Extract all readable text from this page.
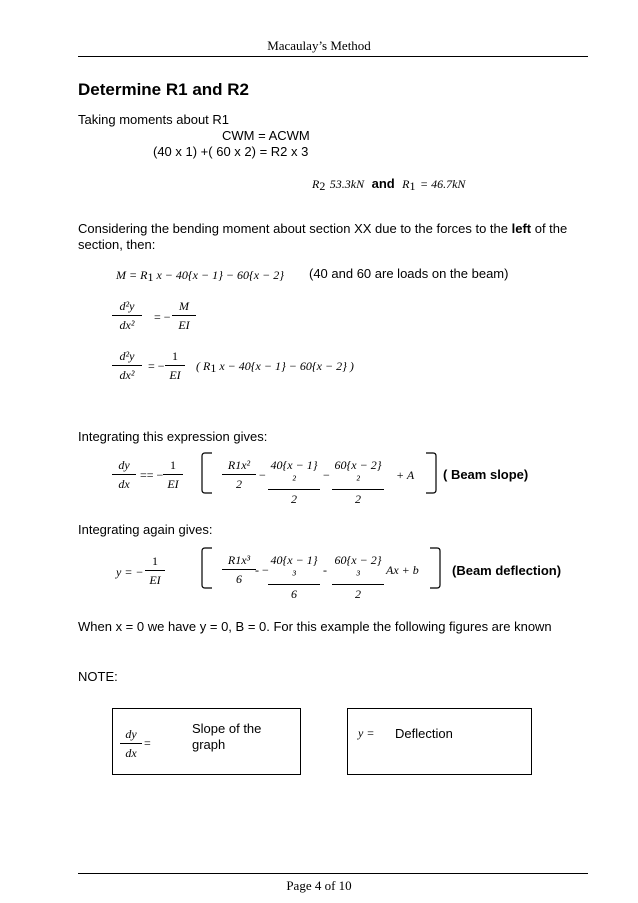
Macaulay’s Method
Determine R1 and R2
Taking moments about R1
CWM = ACWM
(40 x 1) +( 60 x 2) = R2 x 3
$R_2$ 53.3kN and $R_1 = 46.7kN$
Considering the bending moment about section XX due to the forces to the left of the
section, then:
$M = R_1$ x − 40{x − 1} − 60{x − 2} (40 and 60 are loads on the beam)
$\frac{\text{d²y}}{\text{dx²}}$ = − $\frac{M}{EI}$
$\frac{\text{d²y}}{\text{dx²}}$ = − $\frac{1}{EI}$ ( $R_1$ x − 40{x − 1} − 60{x − 2} )
Integrating this expression gives:
$\frac{dy}{dx}$ == − $\frac{1}{EI}$	$\frac{\text{R1x²}}{2} - \frac{\text{40\{x − 1\}²}}{2} - \frac{\text{60\{x − 2\}²}}{2} + A$ ( Beam slope)
Integrating again gives:
y = − $\frac{1}{EI}$	$\frac{\text{R1x³}}{6}$ - − $\frac{\text{40\{x − 1\}³}}{6} - \frac{\text{60\{x − 2\}³}}{2}$ Ax + b	(Beam deflection)
When x = 0 we have y = 0, B = 0. For this example the following figures are known
NOTE:
$\frac{dy}{dx}$ =
Slope of the
graph
y = Deflection
Page 4 of 10
